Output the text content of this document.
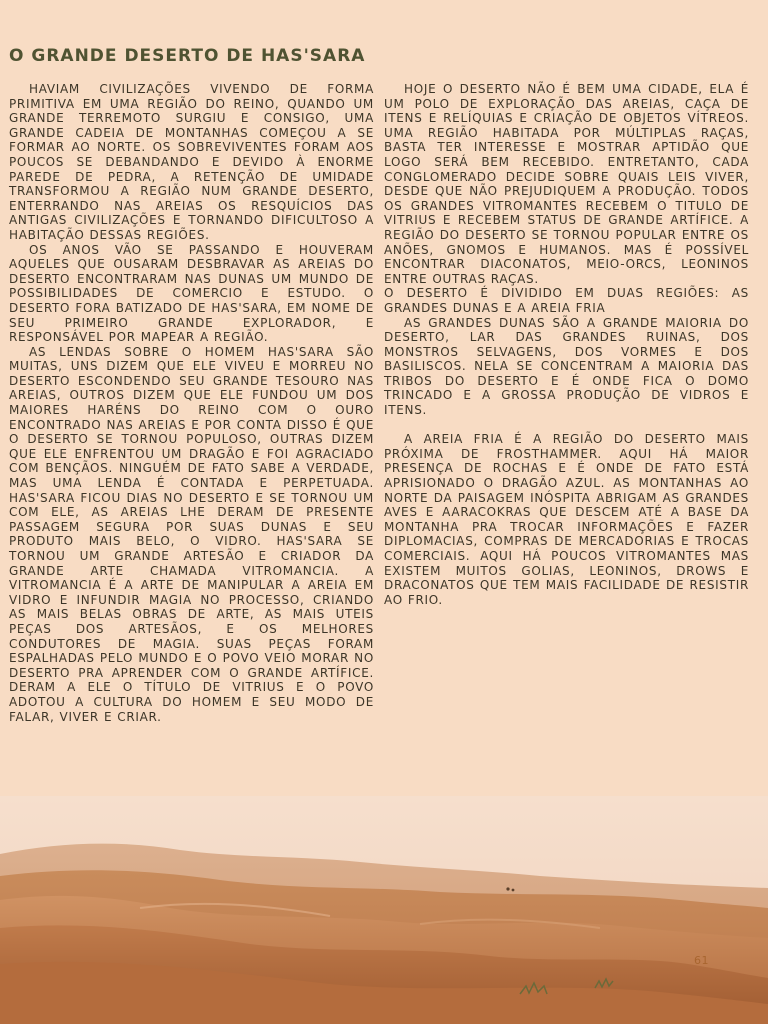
O GRANDE DESERTO DE HAS'SARA

HAVIAM CIVILIZAÇÕES VIVENDO DE FORMA PRIMITIVA EM UMA REGIÃO DO REINO, QUANDO UM GRANDE TERREMOTO SURGIU E CONSIGO, UMA GRANDE CADEIA DE MONTANHAS COMEÇOU A SE FORMAR AO NORTE. OS SOBREVIVENTES FORAM AOS POUCOS SE DEBANDANDO E DEVIDO À ENORME PAREDE DE PEDRA, A RETENÇÃO DE UMIDADE TRANSFORMOU A REGIÃO NUM GRANDE DESERTO, ENTERRANDO NAS AREIAS OS RESQUÍCIOS DAS ANTIGAS CIVILIZAÇÕES E TORNANDO DIFICULTOSO A HABITAÇÃO DESSAS REGIÕES.

OS ANOS VÃO SE PASSANDO E HOUVERAM AQUELES QUE OUSARAM DESBRAVAR AS AREIAS DO DESERTO ENCONTRARAM NAS DUNAS UM MUNDO DE POSSIBILIDADES DE COMERCIO E ESTUDO. O DESERTO FORA BATIZADO DE HAS'SARA, EM NOME DE SEU PRIMEIRO GRANDE EXPLORADOR, E RESPONSÁVEL POR MAPEAR A REGIÃO.

AS LENDAS SOBRE O HOMEM HAS'SARA SÃO MUITAS, UNS DIZEM QUE ELE VIVEU E MORREU NO DESERTO ESCONDENDO SEU GRANDE TESOURO NAS AREIAS, OUTROS DIZEM QUE ELE FUNDOU UM DOS MAIORES HARÉNS DO REINO COM O OURO ENCONTRADO NAS AREIAS E POR CONTA DISSO É QUE O DESERTO SE TORNOU POPULOSO, OUTRAS DIZEM QUE ELE ENFRENTOU UM DRAGÃO E FOI AGRACIADO COM BENÇÃOS. NINGUÉM DE FATO SABE A VERDADE, MAS UMA LENDA É CONTADA E PERPETUADA. HAS'SARA FICOU DIAS NO DESERTO E SE TORNOU UM COM ELE, AS AREIAS LHE DERAM DE PRESENTE PASSAGEM SEGURA POR SUAS DUNAS E SEU PRODUTO MAIS BELO, O VIDRO. HAS'SARA SE TORNOU UM GRANDE ARTESÃO E CRIADOR DA GRANDE ARTE CHAMADA VITROMANCIA. A VITROMANCIA É A ARTE DE MANIPULAR A AREIA EM VIDRO E INFUNDIR MAGIA NO PROCESSO, CRIANDO AS MAIS BELAS OBRAS DE ARTE, AS MAIS UTEIS PEÇAS DOS ARTESÃOS, E OS MELHORES CONDUTORES DE MAGIA. SUAS PEÇAS FORAM ESPALHADAS PELO MUNDO E O POVO VEIO MORAR NO DESERTO PRA APRENDER COM O GRANDE ARTÍFICE. DERAM A ELE O TÍTULO DE VITRIUS E O POVO ADOTOU A CULTURA DO HOMEM E SEU MODO DE FALAR, VIVER E CRIAR.

HOJE O DESERTO NÃO É BEM UMA CIDADE, ELA É UM POLO DE EXPLORAÇÃO DAS AREIAS, CAÇA DE ITENS E RELÍQUIAS E CRIAÇÃO DE OBJETOS VÍTREOS. UMA REGIÃO HABITADA POR MÚLTIPLAS RAÇAS, BASTA TER INTERESSE E MOSTRAR APTIDÃO QUE LOGO SERÁ BEM RECEBIDO. ENTRETANTO, CADA CONGLOMERADO DECIDE SOBRE QUAIS LEIS VIVER, DESDE QUE NÃO PREJUDIQUEM A PRODUÇÃO. TODOS OS GRANDES VITROMANTES RECEBEM O TITULO DE VITRIUS E RECEBEM STATUS DE GRANDE ARTÍFICE. A REGIÃO DO DESERTO SE TORNOU POPULAR ENTRE OS ANÕES, GNOMOS E HUMANOS. MAS É POSSÍVEL ENCONTRAR DIACONATOS, MEIO-ORCS, LEONINOS ENTRE OUTRAS RAÇAS.

O DESERTO É DIVIDIDO EM DUAS REGIÕES: AS GRANDES DUNAS E A AREIA FRIA

AS GRANDES DUNAS SÃO A GRANDE MAIORIA DO DESERTO, LAR DAS GRANDES RUINAS, DOS MONSTROS SELVAGENS, DOS VORMES E DOS BASILISCOS. NELA SE CONCENTRAM A MAIORIA DAS TRIBOS DO DESERTO E É ONDE FICA O DOMO TRINCADO E A GROSSA PRODUÇÃO DE VIDROS E ITENS.

A AREIA FRIA É A REGIÃO DO DESERTO MAIS PRÓXIMA DE FROSTHAMMER. AQUI HÁ MAIOR PRESENÇA DE ROCHAS E É ONDE DE FATO ESTÁ APRISIONADO O DRAGÃO AZUL. AS MONTANHAS AO NORTE DA PAISAGEM INÓSPITA ABRIGAM AS GRANDES AVES E AARACOKRAS QUE DESCEM ATÉ A BASE DA MONTANHA PRA TROCAR INFORMAÇÕES E FAZER DIPLOMACIAS, COMPRAS DE MERCADORIAS E TROCAS COMERCIAIS. AQUI HÁ POUCOS VITROMANTES MAS EXISTEM MUITOS GOLIAS, LEONINOS, DROWS E DRACONATOS QUE TEM MAIS FACILIDADE DE RESISTIR AO FRIO.

61
